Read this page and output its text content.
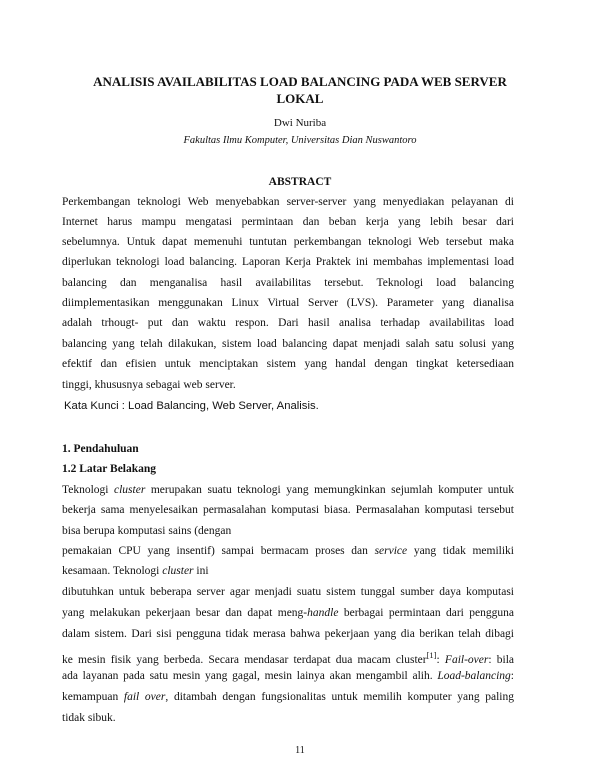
ANALISIS AVAILABILITAS LOAD BALANCING PADA WEB SERVER
LOKAL
Dwi Nuriba
Fakultas Ilmu Komputer, Universitas Dian Nuswantoro
ABSTRACT
Perkembangan teknologi Web menyebabkan server-server yang menyediakan pelayanan di
Internet harus mampu mengatasi permintaan dan beban kerja yang lebih besar dari
sebelumnya. Untuk dapat memenuhi tuntutan perkembangan teknologi Web tersebut maka
diperlukan teknologi load balancing. Laporan Kerja Praktek ini membahas implementasi load
balancing dan menganalisa hasil availabilitas tersebut. Teknologi load balancing
diimplementasikan menggunakan Linux Virtual Server (LVS). Parameter yang dianalisa
adalah trhougt- put dan waktu respon. Dari hasil analisa terhadap availabilitas load
balancing yang telah dilakukan, sistem load balancing dapat menjadi salah satu solusi yang
efektif dan efisien untuk menciptakan sistem yang handal dengan tingkat ketersediaan
tinggi, khususnya sebagai web server.
Kata Kunci : Load Balancing, Web Server, Analisis.
1. Pendahuluan
1.2 Latar Belakang
Teknologi cluster merupakan suatu teknologi yang memungkinkan sejumlah komputer untuk
bekerja sama menyelesaikan permasalahan komputasi biasa. Permasalahan komputasi tersebut
bisa berupa komputasi sains (dengan
pemakaian CPU yang insentif) sampai bermacam proses dan service yang tidak memiliki
kesamaan. Teknologi cluster ini
dibutuhkan untuk beberapa server agar menjadi suatu sistem tunggal sumber daya komputasi
yang melakukan pekerjaan besar dan dapat meng-handle berbagai permintaan dari pengguna
dalam sistem. Dari sisi pengguna tidak merasa bahwa pekerjaan yang dia berikan telah dibagi
ke mesin fisik yang berbeda. Secara mendasar terdapat dua macam cluster[1]: Fail-over: bila
ada layanan pada satu mesin yang gagal, mesin lainya akan mengambil alih. Load-balancing:
kemampuan fail over, ditambah dengan fungsionalitas untuk memilih komputer yang paling
tidak sibuk.
11
